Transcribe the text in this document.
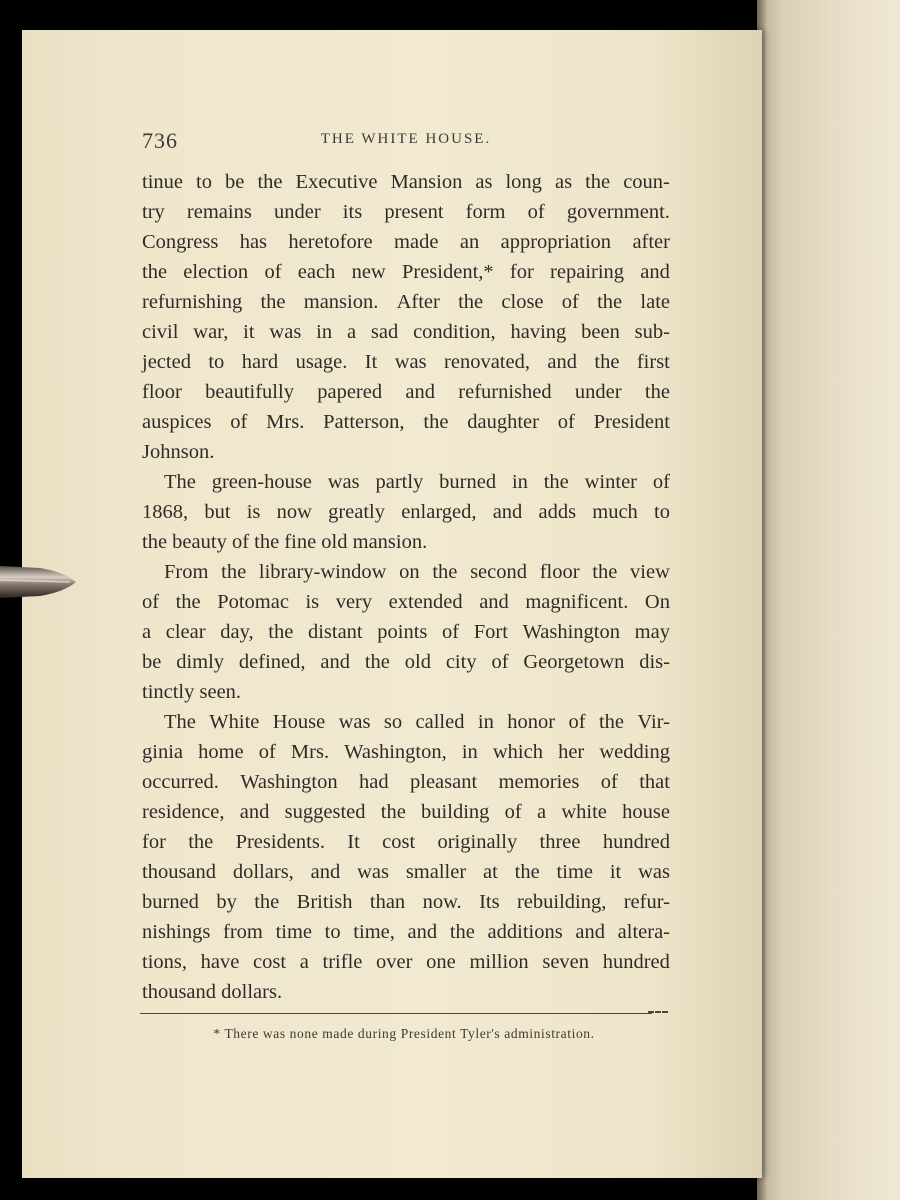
736	THE WHITE HOUSE.
tinue to be the Executive Mansion as long as the coun-
try remains under its present form of government.
Congress has heretofore made an appropriation after
the election of each new President,* for repairing and
refurnishing the mansion. After the close of the late
civil war, it was in a sad condition, having been sub-
jected to hard usage. It was renovated, and the first
floor beautifully papered and refurnished under the
auspices of Mrs. Patterson, the daughter of President
Johnson.
The green-house was partly burned in the winter of
1868, but is now greatly enlarged, and adds much to
the beauty of the fine old mansion.
From the library-window on the second floor the view
of the Potomac is very extended and magnificent. On
a clear day, the distant points of Fort Washington may
be dimly defined, and the old city of Georgetown dis-
tinctly seen.
The White House was so called in honor of the Vir-
ginia home of Mrs. Washington, in which her wedding
occurred. Washington had pleasant memories of that
residence, and suggested the building of a white house
for the Presidents. It cost originally three hundred
thousand dollars, and was smaller at the time it was
burned by the British than now. Its rebuilding, refur-
nishings from time to time, and the additions and altera-
tions, have cost a trifle over one million seven hundred
thousand dollars.
* There was none made during President Tyler's administration.
